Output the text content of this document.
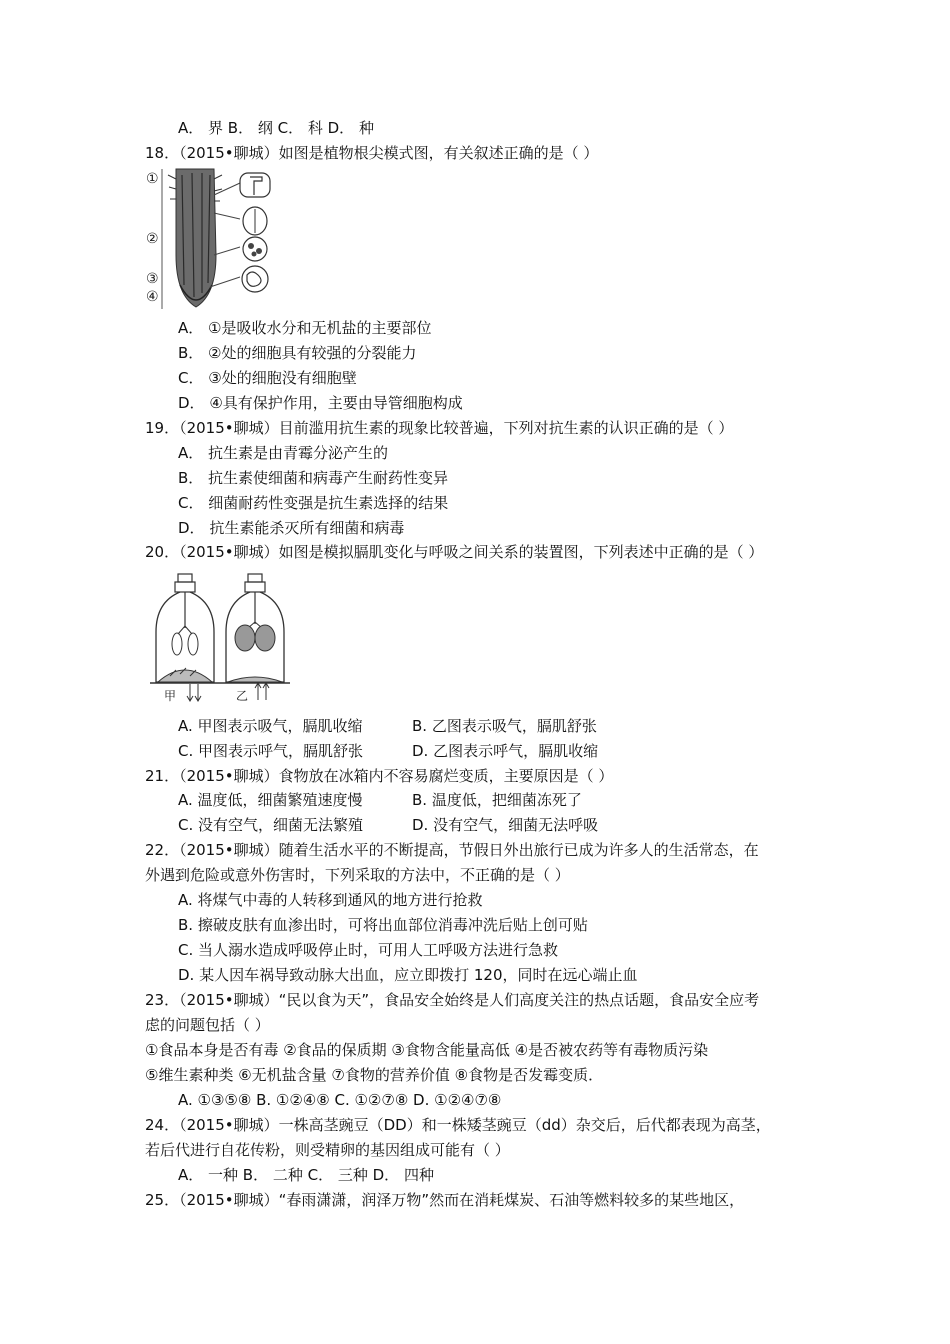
A． 界 B． 纲 C． 科 D． 种
18．（2015•聊城）如图是植物根尖模式图，有关叙述正确的是（ ）
①
②
③
④
A． ①是吸收水分和无机盐的主要部位
B． ②处的细胞具有较强的分裂能力
C． ③处的细胞没有细胞壁
D． ④具有保护作用，主要由导管细胞构成
19．（2015•聊城）目前滥用抗生素的现象比较普遍，下列对抗生素的认识正确的是（ ）
A． 抗生素是由青霉分泌产生的
B． 抗生素使细菌和病毒产生耐药性变异
C． 细菌耐药性变强是抗生素选择的结果
D． 抗生素能杀灭所有细菌和病毒
20．（2015•聊城）如图是模拟膈肌变化与呼吸之间关系的装置图，下列表述中正确的是（ ）
甲	乙
A. 甲图表示吸气，膈肌收缩	B. 乙图表示吸气，膈肌舒张
C. 甲图表示呼气，膈肌舒张	D. 乙图表示呼气，膈肌收缩
21．（2015•聊城）食物放在冰箱内不容易腐烂变质，主要原因是（ ）
A. 温度低，细菌繁殖速度慢	B. 温度低，把细菌冻死了
C. 没有空气，细菌无法繁殖	D. 没有空气，细菌无法呼吸
22．（2015•聊城）随着生活水平的不断提高，节假日外出旅行已成为许多人的生活常态，在
外遇到危险或意外伤害时，下列采取的方法中，不正确的是（ ）
A. 将煤气中毒的人转移到通风的地方进行抢救
B. 擦破皮肤有血渗出时，可将出血部位消毒冲洗后贴上创可贴
C. 当人溺水造成呼吸停止时，可用人工呼吸方法进行急救
D. 某人因车祸导致动脉大出血，应立即拨打 120，同时在远心端止血
23．（2015•聊城）“民以食为天”，食品安全始终是人们高度关注的热点话题，食品安全应考
虑的问题包括（ ）
①食品本身是否有毒 ②食品的保质期 ③食物含能量高低 ④是否被农药等有毒物质污染
⑤维生素种类 ⑥无机盐含量 ⑦食物的营养价值 ⑧食物是否发霉变质．
A. ①③⑤⑧ B. ①②④⑧ C. ①②⑦⑧ D. ①②④⑦⑧
24．（2015•聊城）一株高茎豌豆（DD）和一株矮茎豌豆（dd）杂交后，后代都表现为高茎，
若后代进行自花传粉，则受精卵的基因组成可能有（ ）
A． 一种 B． 二种 C． 三种 D． 四种
25．（2015•聊城）“春雨潇潇，润泽万物”然而在消耗煤炭、石油等燃料较多的某些地区，
